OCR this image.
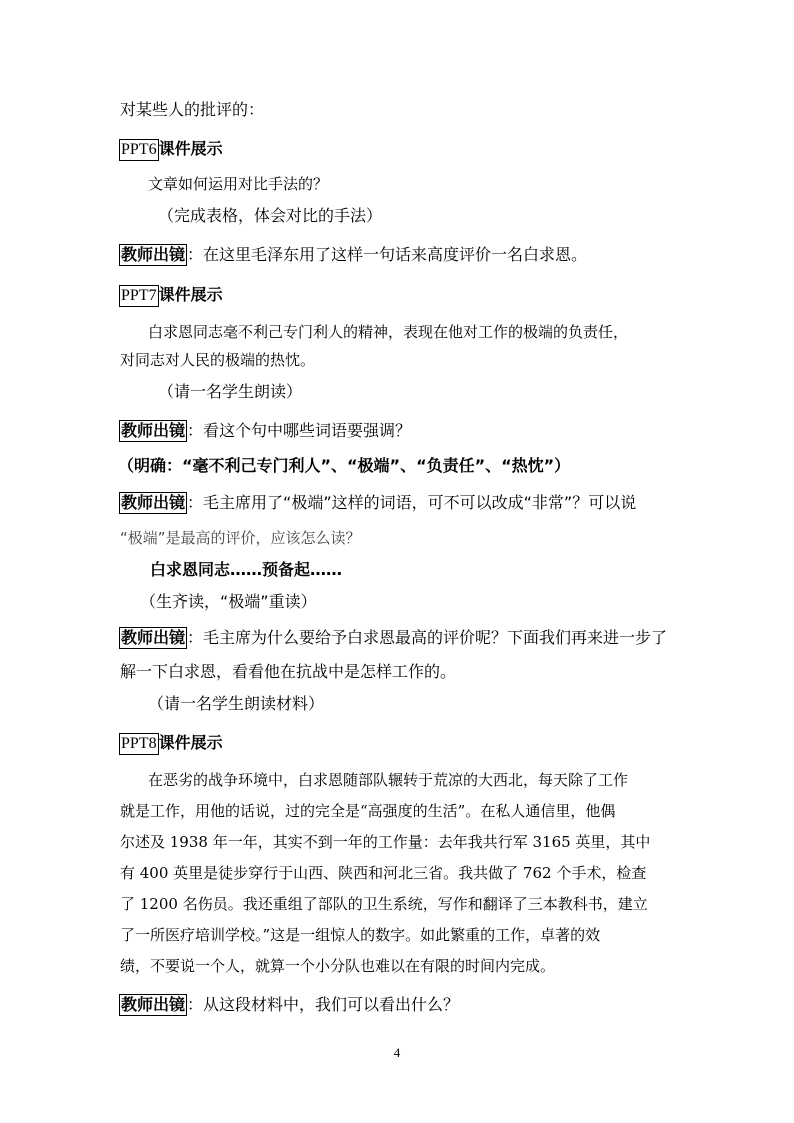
对某些人的批评的：
PPT6 课件展示
文章如何运用对比手法的？
（完成表格，体会对比的手法）
教师出镜 ：在这里毛泽东用了这样一句话来高度评价一名白求恩。
PPT7 课件展示
白求恩同志毫不利己专门利人的精神，表现在他对工作的极端的负责任，
对同志对人民的极端的热忱。
（请一名学生朗读）
教师出镜 ：看这个句中哪些词语要强调？
（明确：“毫不利己专门利人”、“极端”、“负责任”、“热忱”）
教师出镜 ：毛主席用了“极端”这样的词语，可不可以改成“非常”？可以说
“极端”是最高的评价，应该怎么读？
白求恩同志……预备起……
（生齐读，“极端”重读）
教师出镜 ：毛主席为什么要给予白求恩最高的评价呢？下面我们再来进一步了
解一下白求恩，看看他在抗战中是怎样工作的。
（请一名学生朗读材料）
PPT8 课件展示
在恶劣的战争环境中，白求恩随部队辗转于荒凉的大西北，每天除了工作
就是工作，用他的话说，过的完全是“高强度的生活”。在私人通信里，他偶
尔述及 1938 年一年，其实不到一年的工作量：去年我共行军 3165 英里，其中
有 400 英里是徒步穿行于山西、陕西和河北三省。我共做了 762 个手术，检查
了 1200 名伤员。我还重组了部队的卫生系统，写作和翻译了三本教科书，建立
了一所医疗培训学校。”这是一组惊人的数字。如此繁重的工作，卓著的效
绩，不要说一个人，就算一个小分队也难以在有限的时间内完成。
教师出镜 ：从这段材料中，我们可以看出什么？
4
